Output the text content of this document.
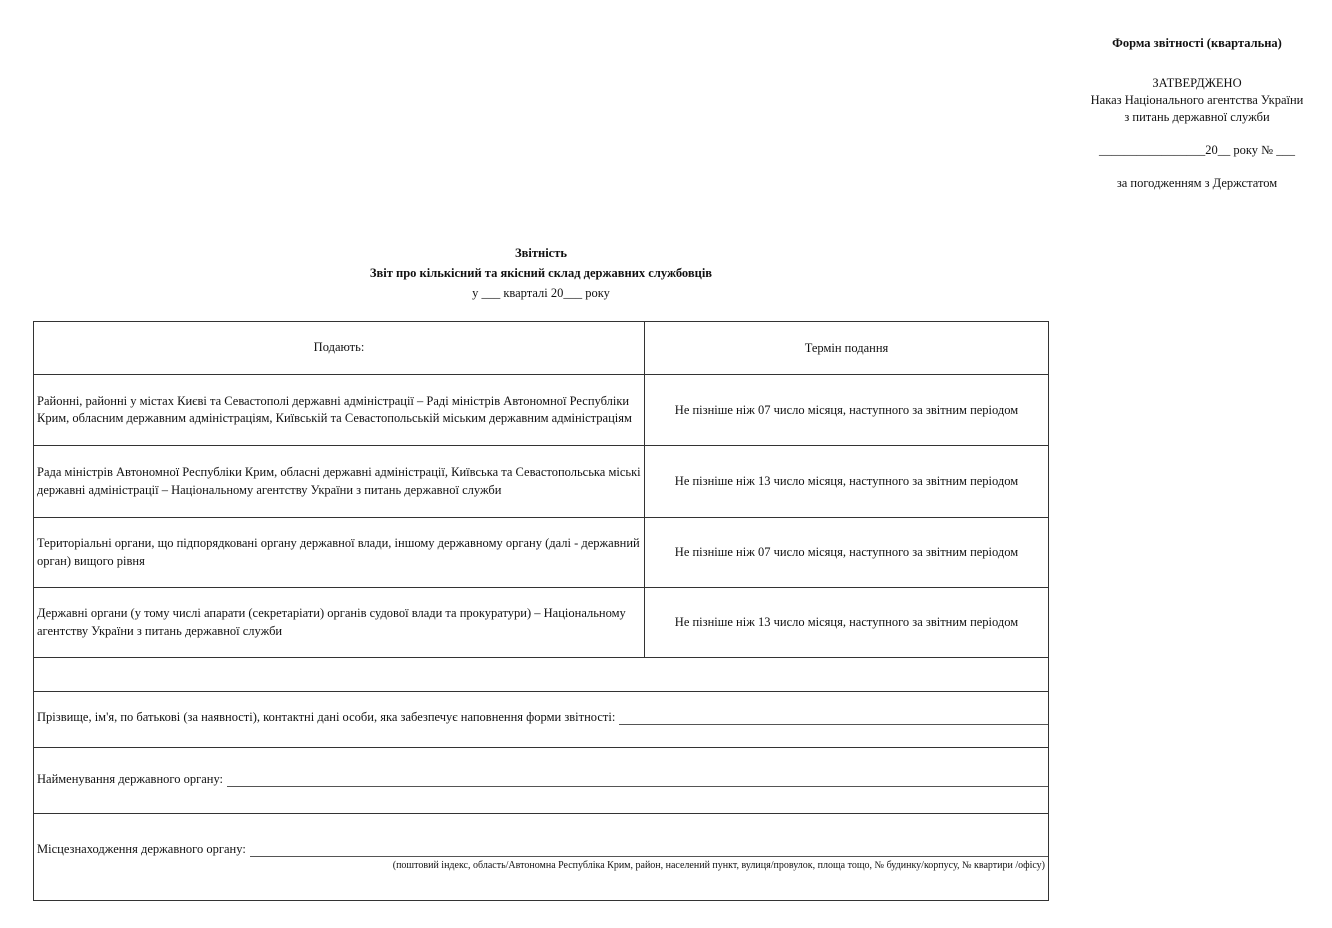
Форма звітності (квартальна)
ЗАТВЕРДЖЕНО
Наказ Національного агентства України
з питань державної служби
_________________20__ року № ___
за погодженням з Держстатом
Звітність
Звіт про кількісний та якісний склад державних службовців
у ___ кварталі 20___ року
Подають:	Термін подання
Районні, районні у містах Києві та Севастополі державні адміністрації – Раді міністрів Автономної Республіки Крим, обласним державним адміністраціям, Київській та Севастопольській міським державним адміністраціям
Не пізніше ніж 07 число місяця, наступного за звітним періодом
Рада міністрів Автономної Республіки Крим, обласні державні адміністрації, Київська та Севастопольська міські державні адміністрації – Національному агентству України з питань державної служби
Не пізніше ніж 13 число місяця, наступного за звітним періодом
Територіальні органи, що підпорядковані органу державної влади, іншому державному органу (далі - державний орган) вищого рівня
Не пізніше ніж 07 число місяця, наступного за звітним періодом
Державні органи (у тому числі апарати (секретаріати) органів судової влади та прокуратури) – Національному агентству України з питань державної служби
Не пізніше ніж 13 число місяця, наступного за звітним періодом
Прізвище, ім'я, по батькові (за наявності), контактні дані особи, яка забезпечує наповнення форми звітності:
Найменування державного органу:
Місцезнаходження державного органу:
(поштовий індекс, область/Автономна Республіка Крим, район, населений пункт, вулиця/провулок, площа тощо, № будинку/корпусу, № квартири /офісу)
